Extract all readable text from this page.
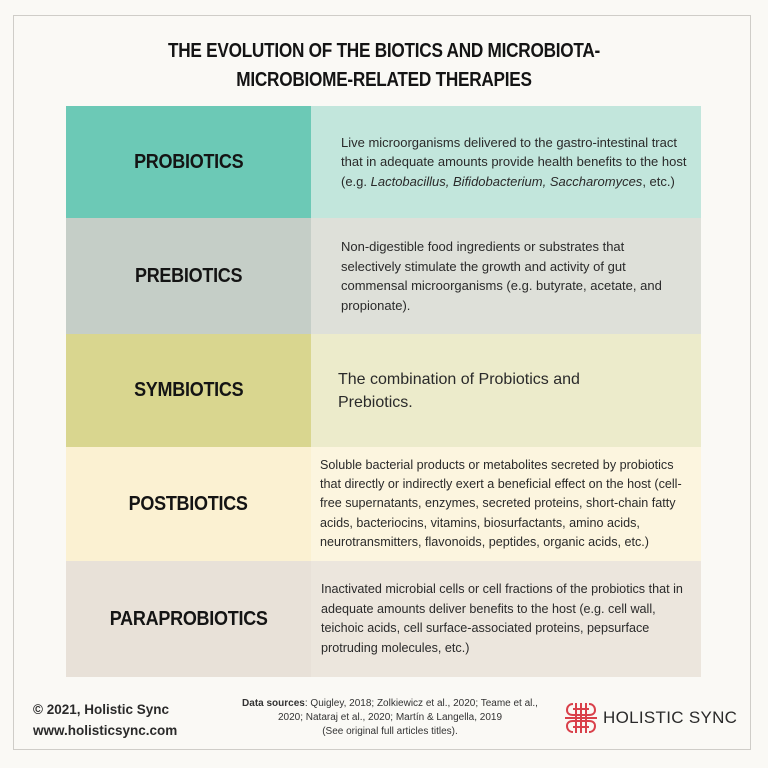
THE EVOLUTION OF THE BIOTICS AND MICROBIOTA-
MICROBIOME-RELATED THERAPIES
PROBIOTICS
Live microorganisms delivered to the gastro-intestinal tract that in adequate amounts provide health benefits to the host (e.g. Lactobacillus, Bifidobacterium, Saccharomyces, etc.)
PREBIOTICS
Non-digestible food ingredients or substrates that selectively stimulate the growth and activity of gut commensal microorganisms (e.g. butyrate, acetate, and propionate).
SYMBIOTICS	The combination of Probiotics and Prebiotics.
POSTBIOTICS
Soluble bacterial products or metabolites secreted by probiotics that directly or indirectly exert a beneficial effect on the host (cell-free supernatants, enzymes, secreted proteins, short-chain fatty acids, bacteriocins, vitamins, biosurfactants, amino acids, neurotransmitters, flavonoids, peptides, organic acids, etc.)
PARAPROBIOTICS
Inactivated microbial cells or cell fractions of the probiotics that in adequate amounts deliver benefits to the host (e.g. cell wall, teichoic acids, cell surface-associated proteins, pepsurface protruding molecules, etc.)
© 2021, Holistic Sync
www.holisticsync.com
Data sources: Quigley, 2018; Zolkiewicz et al., 2020; Teame et al., 2020; Nataraj et al., 2020; Martín & Langella, 2019
(See original full articles titles).
HOLISTIC SYNC
